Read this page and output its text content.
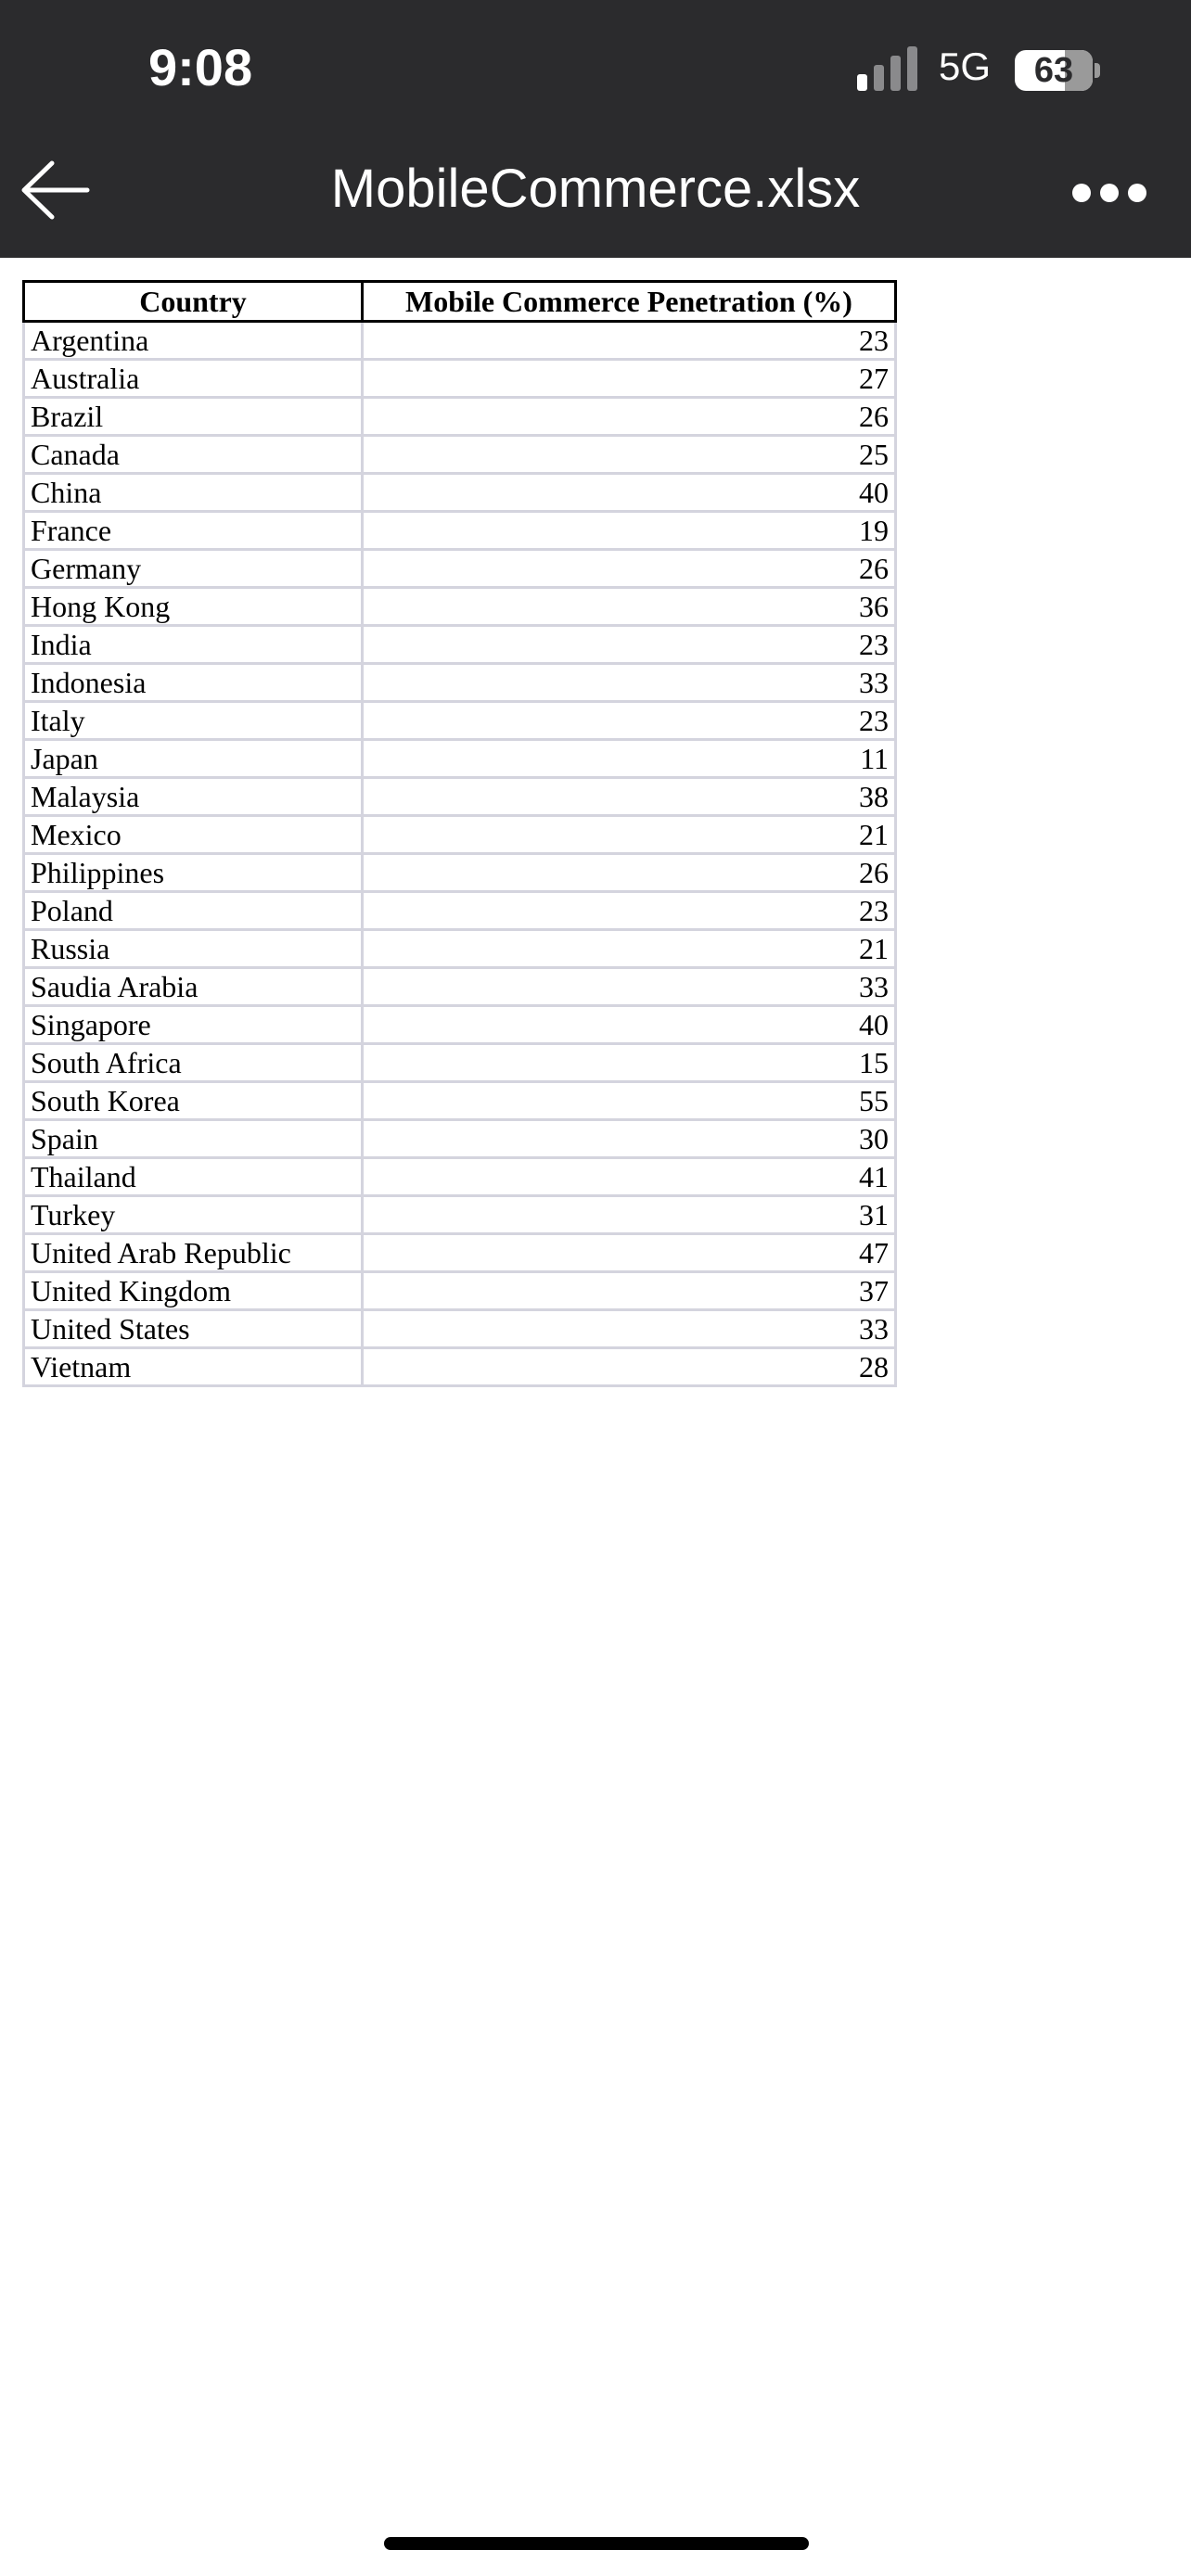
9:08	5G 63
MobileCommerce.xlsx
Country	Mobile Commerce Penetration (%)
Argentina	23
Australia	27
Brazil	26
Canada	25
China	40
France	19
Germany	26
Hong Kong	36
India	23
Indonesia	33
Italy	23
Japan	11
Malaysia	38
Mexico	21
Philippines	26
Poland	23
Russia	21
Saudia Arabia	33
Singapore	40
South Africa	15
South Korea	55
Spain	30
Thailand	41
Turkey	31
United Arab Republic	47
United Kingdom	37
United States	33
Vietnam	28
